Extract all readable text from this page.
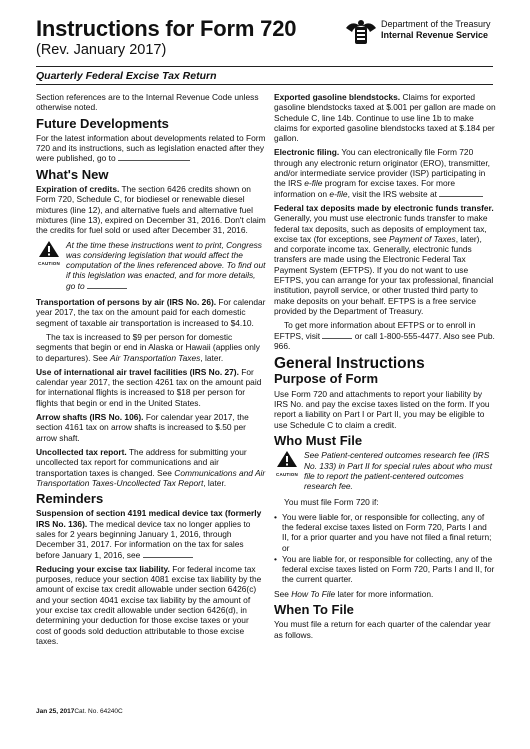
Instructions for Form 720
(Rev. January 2017)
Department of the Treasury
Internal Revenue Service
Quarterly Federal Excise Tax Return

Section references are to the Internal Revenue Code unless otherwise noted.

Future Developments

For the latest information about developments related to Form 720 and its instructions, such as legislation enacted after they were published, go to

What's New

Expiration of credits. The section 6426 credits shown on Form 720, Schedule C, for biodiesel or renewable diesel mixtures (line 12), and alternative fuels and alternative fuel mixtures (line 13), expired on December 31, 2016. Don't claim the credits for fuel sold or used after December 31, 2016.

CAUTION
At the time these instructions went to print, Congress was considering legislation that would affect the computation of the lines referenced above. To find out if this legislation was enacted, and for more details, go to

Transportation of persons by air (IRS No. 26). For calendar year 2017, the tax on the amount paid for each domestic segment of taxable air transportation is increased to $4.10.

The tax is increased to $9 per person for domestic segments that begin or end in Alaska or Hawaii (applies only to departures). See Air Transportation Taxes, later.

Use of international air travel facilities (IRS No. 27). For calendar year 2017, the section 4261 tax on the amount paid for international flights is increased to $18 per person for flights that begin or end in the United States.

Arrow shafts (IRS No. 106). For calendar year 2017, the section 4161 tax on arrow shafts is increased to $.50 per arrow shaft.

Uncollected tax report. The address for submitting your uncollected tax report for communications and air transportation taxes is changed. See Communications and Air Transportation Taxes-Uncollected Tax Report, later.

Reminders

Suspension of section 4191 medical device tax (formerly IRS No. 136). The medical device tax no longer applies to sales for 2 years beginning January 1, 2016, through December 31, 2017. For information on the tax for sales before January 1, 2016, see

Reducing your excise tax liability. For federal income tax purposes, reduce your section 4081 excise tax liability by the amount of excise tax credit allowable under section 6426(c) and your section 4041 excise tax liability by the amount of your excise tax credit allowable under section 6426(d), in determining your deduction for those excise taxes or your cost of goods sold deduction attributable to those excise taxes.

Exported gasoline blendstocks. Claims for exported gasoline blendstocks taxed at $.001 per gallon are made on Schedule C, line 14b. Continue to use line 1b to make claims for exported gasoline blendstocks taxed at $.184 per gallon.

Electronic filing. You can electronically file Form 720 through any electronic return originator (ERO), transmitter, and/or intermediate service provider (ISP) participating in the IRS e-file program for excise taxes. For more information on e-file, visit the IRS website at

Federal tax deposits made by electronic funds transfer. Generally, you must use electronic funds transfer to make federal tax deposits, such as deposits of employment tax, excise tax (for exceptions, see Payment of Taxes, later), and corporate income tax. Generally, electronic funds transfers are made using the Electronic Federal Tax Payment System (EFTPS). If you do not want to use EFTPS, you can arrange for your tax professional, financial institution, payroll service, or other trusted third party to make deposits on your behalf. EFTPS is a free service provided by the Department of Treasury.

To get more information about EFTPS or to enroll in EFTPS, visit	or call 1-800-555-4477. Also see Pub. 966.

General Instructions
Purpose of Form

Use Form 720 and attachments to report your liability by IRS No. and pay the excise taxes listed on the form. If you report a liability on Part I or Part II, you may be eligible to use Schedule C to claim a credit.

Who Must File
CAUTION
See Patient-centered outcomes research fee (IRS No. 133) in Part II for special rules about who must file to report the patient-centered outcomes research fee.

You must file Form 720 if:

• You were liable for, or responsible for collecting, any of the federal excise taxes listed on Form 720, Parts I and II, for a prior quarter and you have not filed a final return; or
• You are liable for, or responsible for collecting, any of the federal excise taxes listed on Form 720, Parts I and II, for the current quarter.

See How To File later for more information.

When To File

You must file a return for each quarter of the calendar year as follows.

Jan 25, 2017Cat. No. 64240C
